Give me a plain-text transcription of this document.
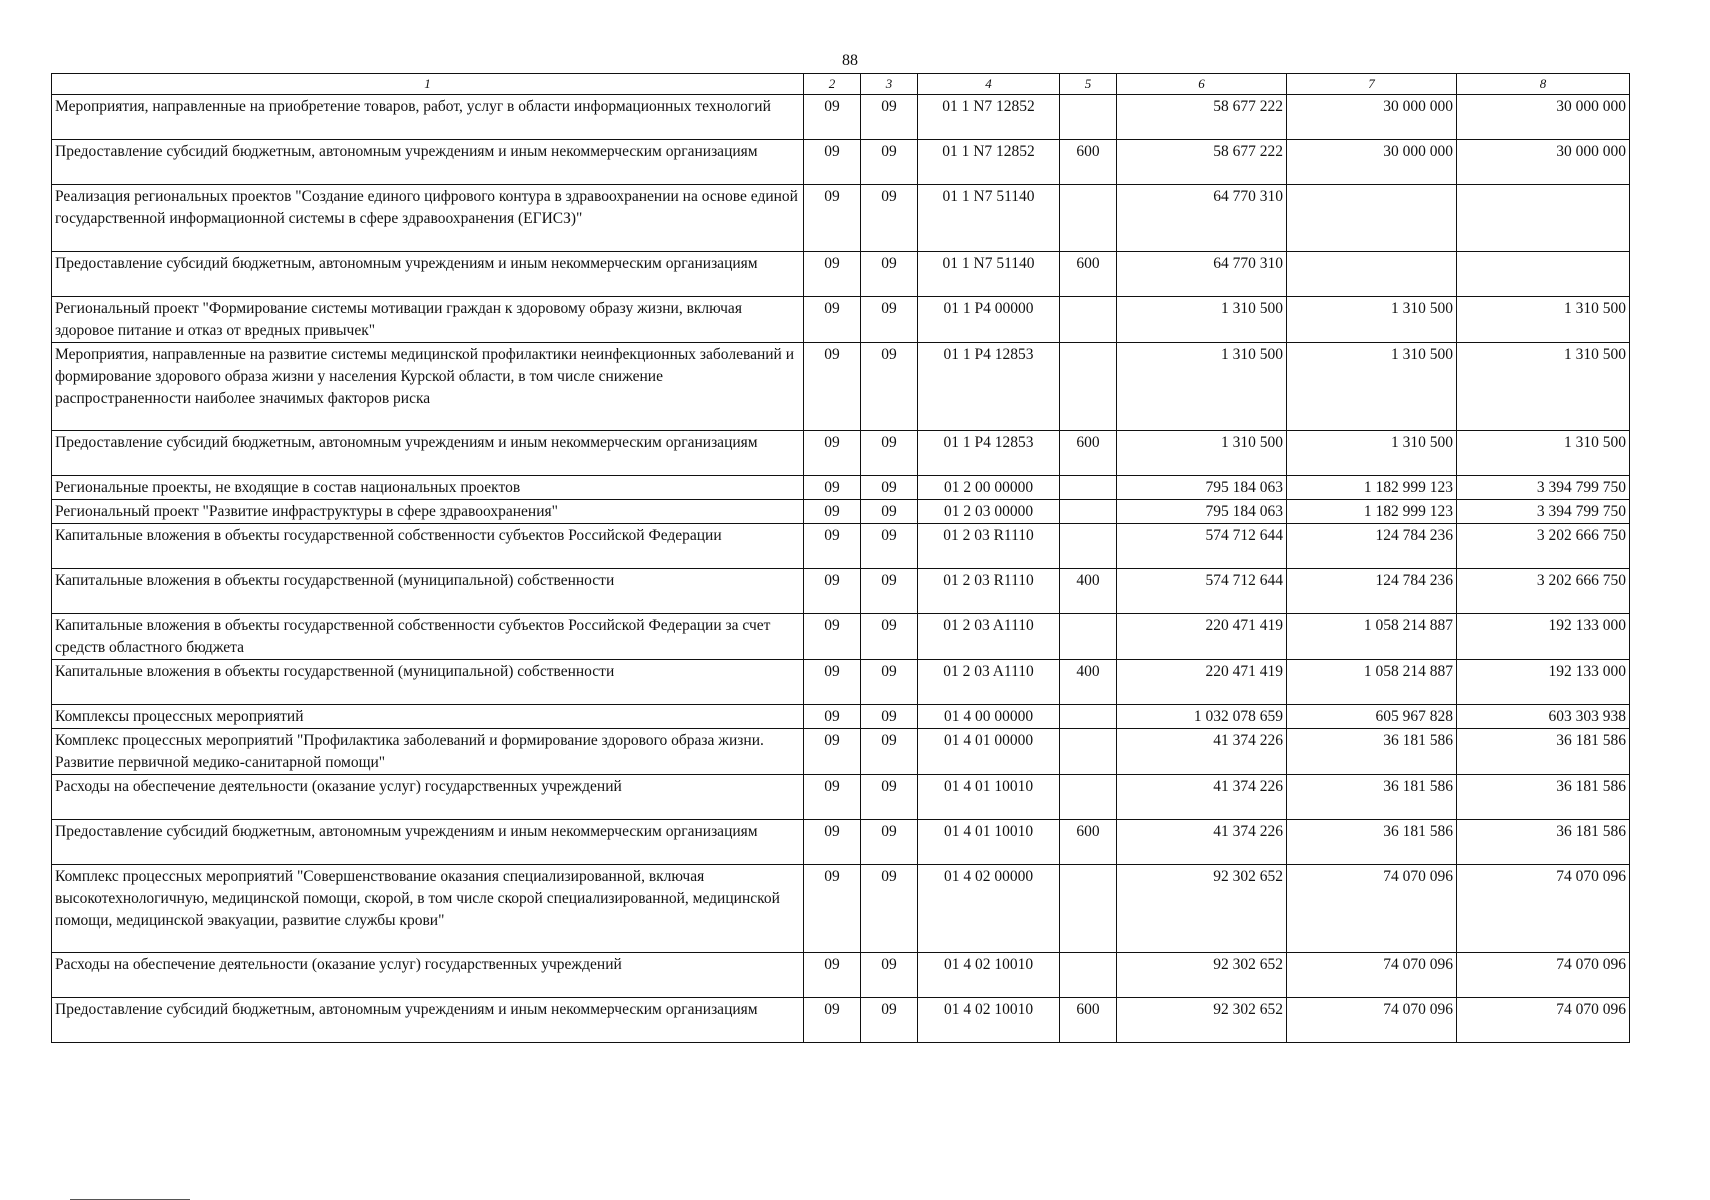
88
1	2	3	4	5	6	7	8
Мероприятия, направленные на приобретение товаров, работ, услуг в области информационных технологий	09	09	01 1 N7 12852		58 677 222	30 000 000	30 000 000
Предоставление субсидий бюджетным, автономным учреждениям и иным некоммерческим организациям	09	09	01 1 N7 12852	600	58 677 222	30 000 000	30 000 000
Реализация региональных проектов "Создание единого цифрового контура в здравоохранении на основе единой государственной информационной системы в сфере здравоохранения (ЕГИСЗ)"	09	09	01 1 N7 51140		64 770 310		
Предоставление субсидий бюджетным, автономным учреждениям и иным некоммерческим организациям	09	09	01 1 N7 51140	600	64 770 310		
Региональный проект "Формирование системы мотивации граждан к здоровому образу жизни, включая здоровое питание и отказ от вредных привычек"	09	09	01 1 P4 00000		1 310 500	1 310 500	1 310 500
Мероприятия, направленные на развитие системы медицинской профилактики неинфекционных заболеваний и формирование здорового образа жизни у населения Курской области, в том числе снижение распространенности наиболее значимых факторов риска	09	09	01 1 P4 12853		1 310 500	1 310 500	1 310 500
Предоставление субсидий бюджетным, автономным учреждениям и иным некоммерческим организациям	09	09	01 1 P4 12853	600	1 310 500	1 310 500	1 310 500
Региональные проекты, не входящие в состав национальных проектов	09	09	01 2 00 00000		795 184 063	1 182 999 123	3 394 799 750
Региональный проект "Развитие инфраструктуры в сфере здравоохранения"	09	09	01 2 03 00000		795 184 063	1 182 999 123	3 394 799 750
Капитальные вложения в объекты государственной собственности субъектов Российской Федерации	09	09	01 2 03 R1110		574 712 644	124 784 236	3 202 666 750
Капитальные вложения в объекты государственной (муниципальной) собственности	09	09	01 2 03 R1110	400	574 712 644	124 784 236	3 202 666 750
Капитальные вложения в объекты государственной собственности субъектов Российской Федерации за счет средств областного бюджета	09	09	01 2 03 A1110		220 471 419	1 058 214 887	192 133 000
Капитальные вложения в объекты государственной (муниципальной) собственности	09	09	01 2 03 A1110	400	220 471 419	1 058 214 887	192 133 000
Комплексы процессных мероприятий	09	09	01 4 00 00000		1 032 078 659	605 967 828	603 303 938
Комплекс процессных мероприятий "Профилактика заболеваний и формирование здорового образа жизни. Развитие первичной медико-санитарной помощи"	09	09	01 4 01 00000		41 374 226	36 181 586	36 181 586
Расходы на обеспечение деятельности (оказание услуг) государственных учреждений	09	09	01 4 01 10010		41 374 226	36 181 586	36 181 586
Предоставление субсидий бюджетным, автономным учреждениям и иным некоммерческим организациям	09	09	01 4 01 10010	600	41 374 226	36 181 586	36 181 586
Комплекс процессных мероприятий "Совершенствование оказания специализированной, включая высокотехнологичную, медицинской помощи, скорой, в том числе скорой специализированной, медицинской помощи, медицинской эвакуации, развитие службы крови"	09	09	01 4 02 00000		92 302 652	74 070 096	74 070 096
Расходы на обеспечение деятельности (оказание услуг) государственных учреждений	09	09	01 4 02 10010		92 302 652	74 070 096	74 070 096
Предоставление субсидий бюджетным, автономным учреждениям и иным некоммерческим организациям	09	09	01 4 02 10010	600	92 302 652	74 070 096	74 070 096
